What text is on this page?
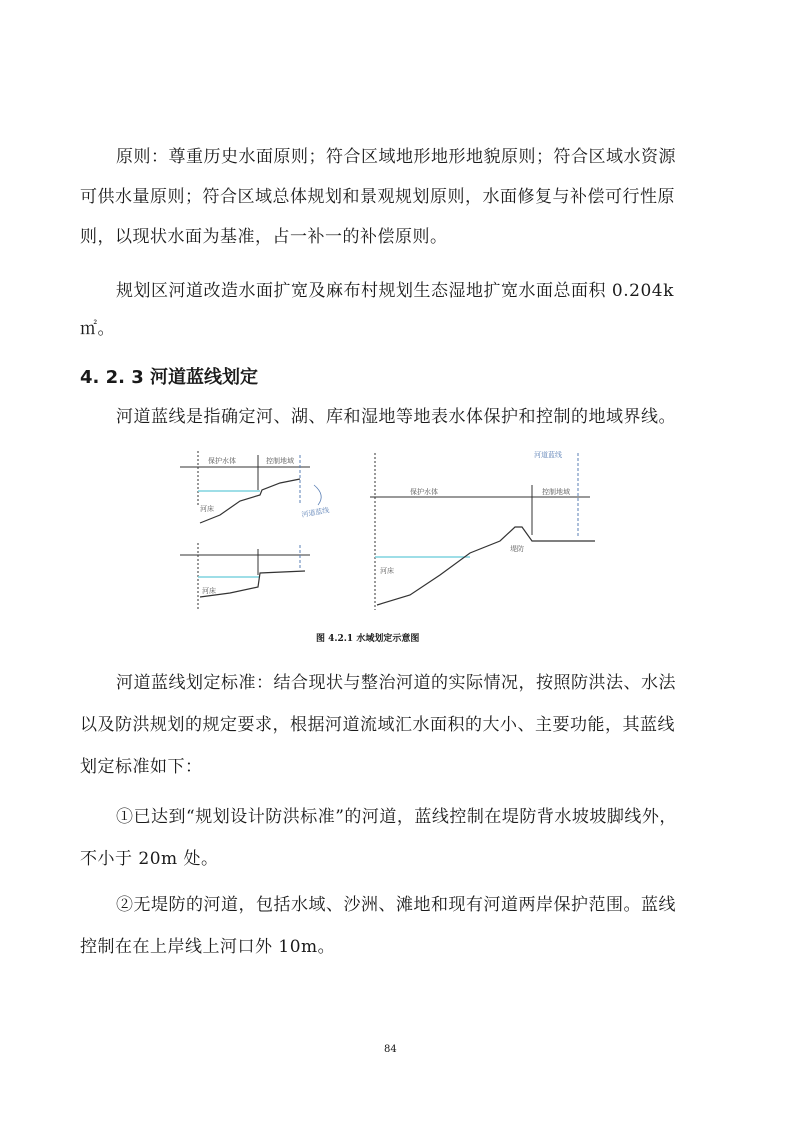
原则：尊重历史水面原则；符合区域地形地形地貌原则；符合区域水资源
可供水量原则；符合区域总体规划和景观规划原则，水面修复与补偿可行性原
则，以现状水面为基准，占一补一的补偿原则。
规划区河道改造水面扩宽及麻布村规划生态湿地扩宽水面总面积 0.204k
㎡。
4. 2. 3 河道蓝线划定
河道蓝线是指确定河、湖、库和湿地等地表水体保护和控制的地域界线。
保护水体	控制地域
河床	河道蓝线
河床
保护水体	控制地域
河道蓝线
河床
堤防
图 4.2.1 水域划定示意图
河道蓝线划定标准：结合现状与整治河道的实际情况，按照防洪法、水法
以及防洪规划的规定要求，根据河道流域汇水面积的大小、主要功能，其蓝线
划定标准如下：
①已达到“规划设计防洪标准”的河道，蓝线控制在堤防背水坡坡脚线外，
不小于 20m 处。
②无堤防的河道，包括水域、沙洲、滩地和现有河道两岸保护范围。蓝线
控制在在上岸线上河口外 10m。
84
